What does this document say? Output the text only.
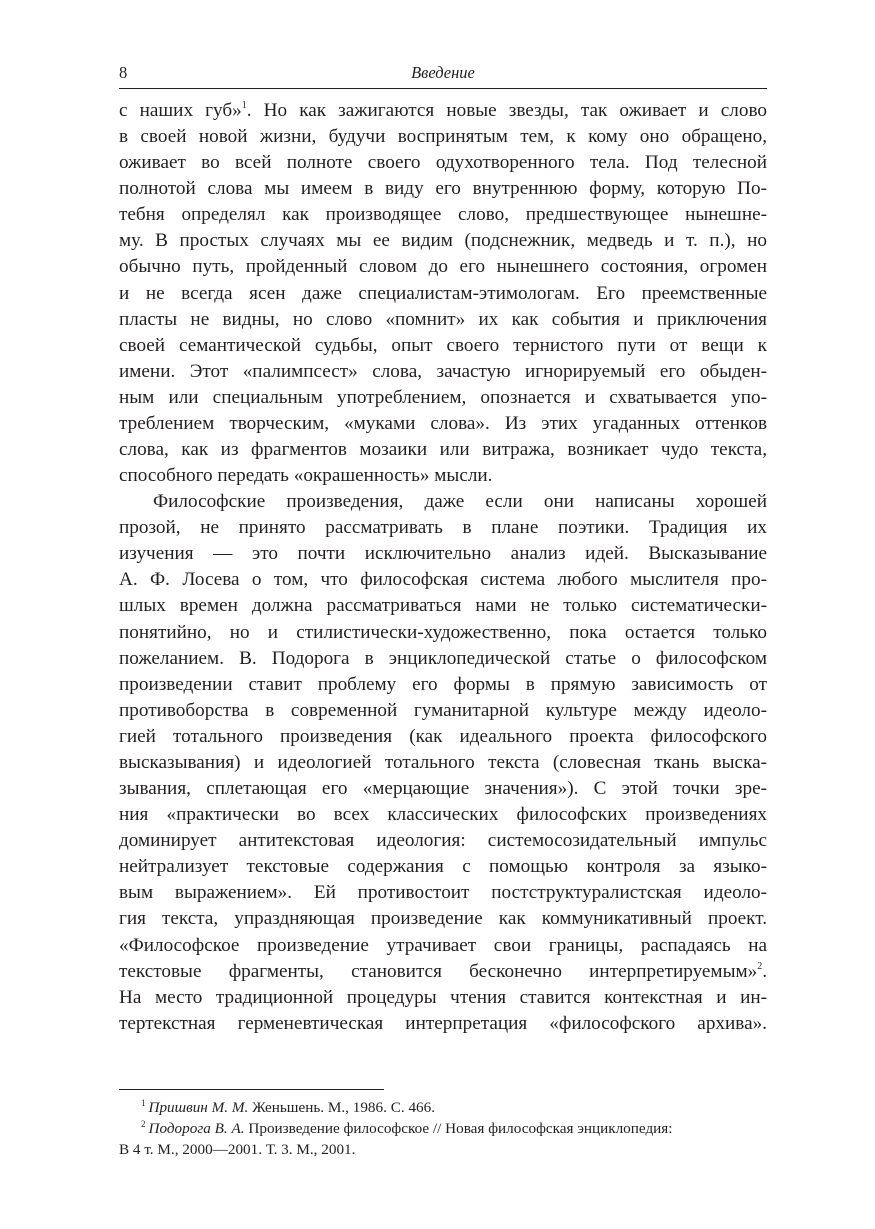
8	Введение
с наших губ»$^1$. Но как зажигаются новые звезды, так оживает и слово
в своей новой жизни, будучи воспринятым тем, к кому оно обращено,
оживает во всей полноте своего одухотворенного тела. Под телесной
полнотой слова мы имеем в виду его внутреннюю форму, которую По-
тебня определял как производящее слово, предшествующее нынешне-
му. В простых случаях мы ее видим (подснежник, медведь и т. п.), но
обычно путь, пройденный словом до его нынешнего состояния, огромен
и не всегда ясен даже специалистам-этимологам. Его преемственные
пласты не видны, но слово «помнит» их как события и приключения
своей семантической судьбы, опыт своего тернистого пути от вещи к
имени. Этот «палимпсест» слова, зачастую игнорируемый его обыден-
ным или специальным употреблением, опознается и схватывается упо-
треблением творческим, «муками слова». Из этих угаданных оттенков
слова, как из фрагментов мозаики или витража, возникает чудо текста,
способного передать «окрашенность» мысли.
Философские произведения, даже если они написаны хорошей
прозой, не принято рассматривать в плане поэтики. Традиция их
изучения — это почти исключительно анализ идей. Высказывание
А. Ф. Лосева о том, что философская система любого мыслителя про-
шлых времен должна рассматриваться нами не только систематически-
понятийно, но и стилистически-художественно, пока остается только
пожеланием. В. Подорога в энциклопедической статье о философском
произведении ставит проблему его формы в прямую зависимость от
противоборства в современной гуманитарной культуре между идеоло-
гией тотального произведения (как идеального проекта философского
высказывания) и идеологией тотального текста (словесная ткань выска-
зывания, сплетающая его «мерцающие значения»). С этой точки зре-
ния «практически во всех классических философских произведениях
доминирует антитекстовая идеология: системосозидательный импульс
нейтрализует текстовые содержания с помощью контроля за языко-
вым выражением». Ей противостоит постструктуралистская идеоло-
гия текста, упраздняющая произведение как коммуникативный проект.
«Философское произведение утрачивает свои границы, распадаясь на
текстовые фрагменты, становится бесконечно интерпретируемым»$^2$.
На место традиционной процедуры чтения ставится контекстная и ин-
тертекстная герменевтическая интерпретация «философского архива».
$^1$ Пришвин М. М. Женьшень. М., 1986. С. 466.
$^2$ Подорога В. А. Произведение философское // Новая философская энциклопедия:
В 4 т. М., 2000—2001. Т. 3. М., 2001.
